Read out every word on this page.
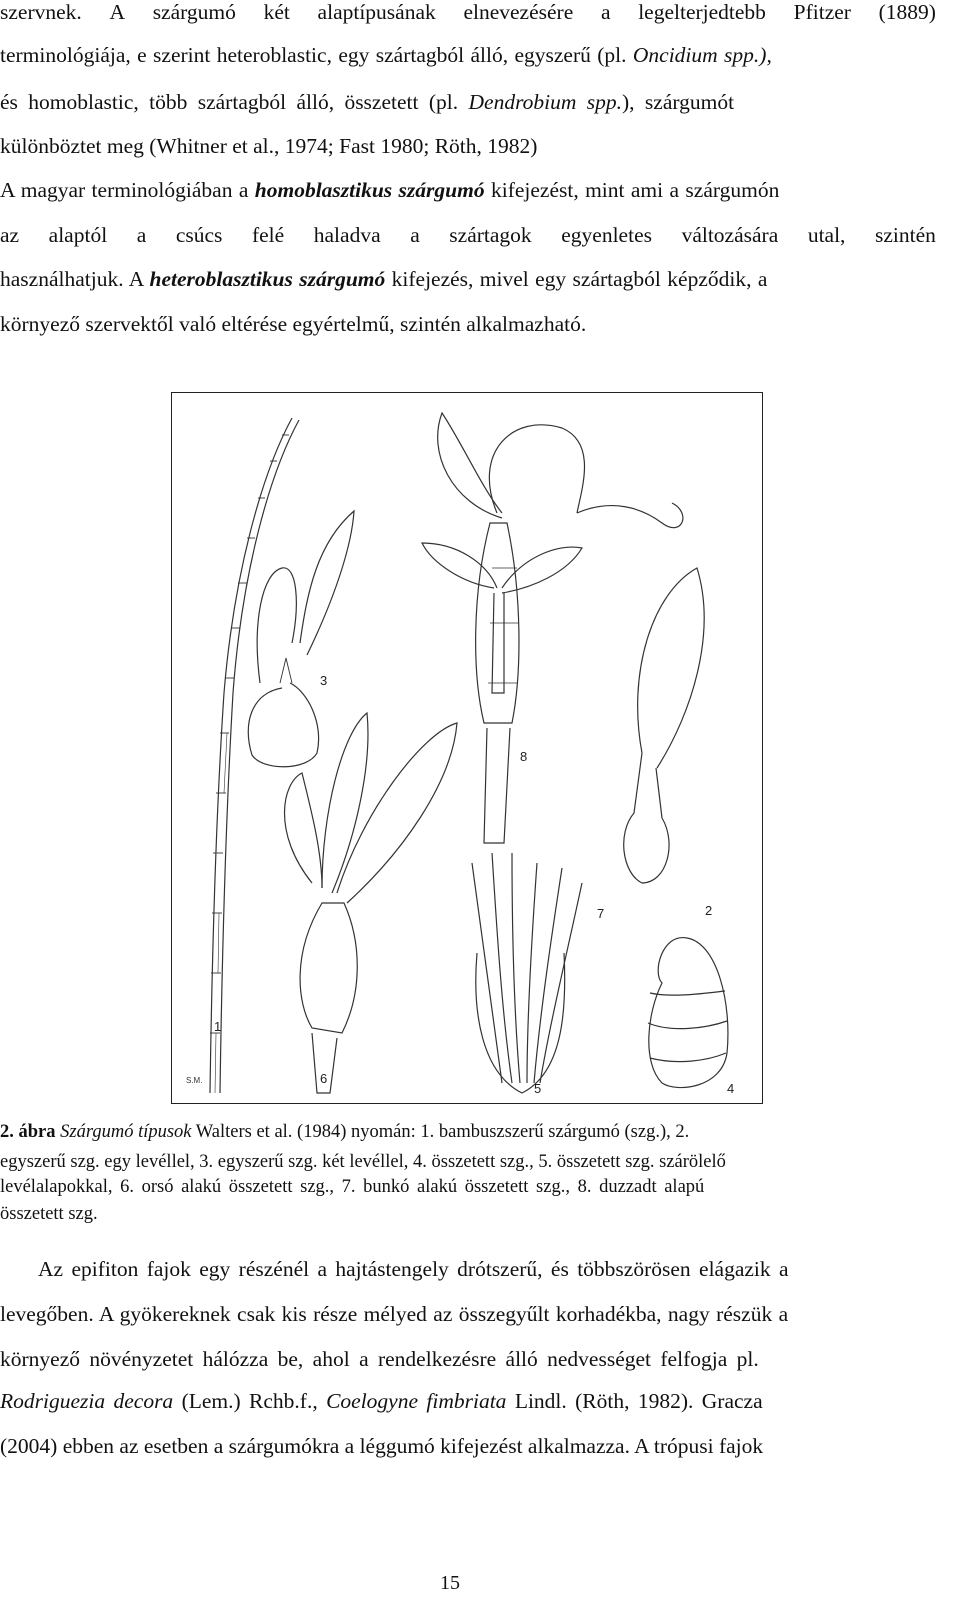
szervnek. A szárgumó két alaptípusának elnevezésére a legelterjedtebb Pfitzer (1889)
terminológiája, e szerint heteroblastic, egy szártagból álló, egyszerű (pl. Oncidium spp.),
és homoblastic, több szártagból álló, összetett (pl. Dendrobium spp.), szárgumót
különböztet meg (Whitner et al., 1974; Fast 1980; Röth, 1982)
A magyar terminológiában a homoblasztikus szárgumó kifejezést, mint ami a szárgumón
az alaptól a csúcs felé haladva a szártagok egyenletes változására utal, szintén
használhatjuk. A heteroblasztikus szárgumó kifejezés, mivel egy szártagból képződik, a
környező szervektől való eltérése egyértelmű, szintén alkalmazható.
3
8
6
5
7	2
4
1
S.M.
2. ábra Szárgumó típusok Walters et al. (1984) nyomán: 1. bambuszszerű szárgumó (szg.), 2.
egyszerű szg. egy levéllel, 3. egyszerű szg. két levéllel, 4. összetett szg., 5. összetett szg. szárölelő
levélalapokkal, 6. orsó alakú összetett szg., 7. bunkó alakú összetett szg., 8. duzzadt alapú
összetett szg.
Az epifiton fajok egy részénél a hajtástengely drótszerű, és többszörösen elágazik a
levegőben. A gyökereknek csak kis része mélyed az összegyűlt korhadékba, nagy részük a
környező növényzetet hálózza be, ahol a rendelkezésre álló nedvességet felfogja pl.
Rodriguezia decora (Lem.) Rchb.f., Coelogyne fimbriata Lindl. (Röth, 1982). Gracza
(2004) ebben az esetben a szárgumókra a léggumó kifejezést alkalmazza. A trópusi fajok
15
